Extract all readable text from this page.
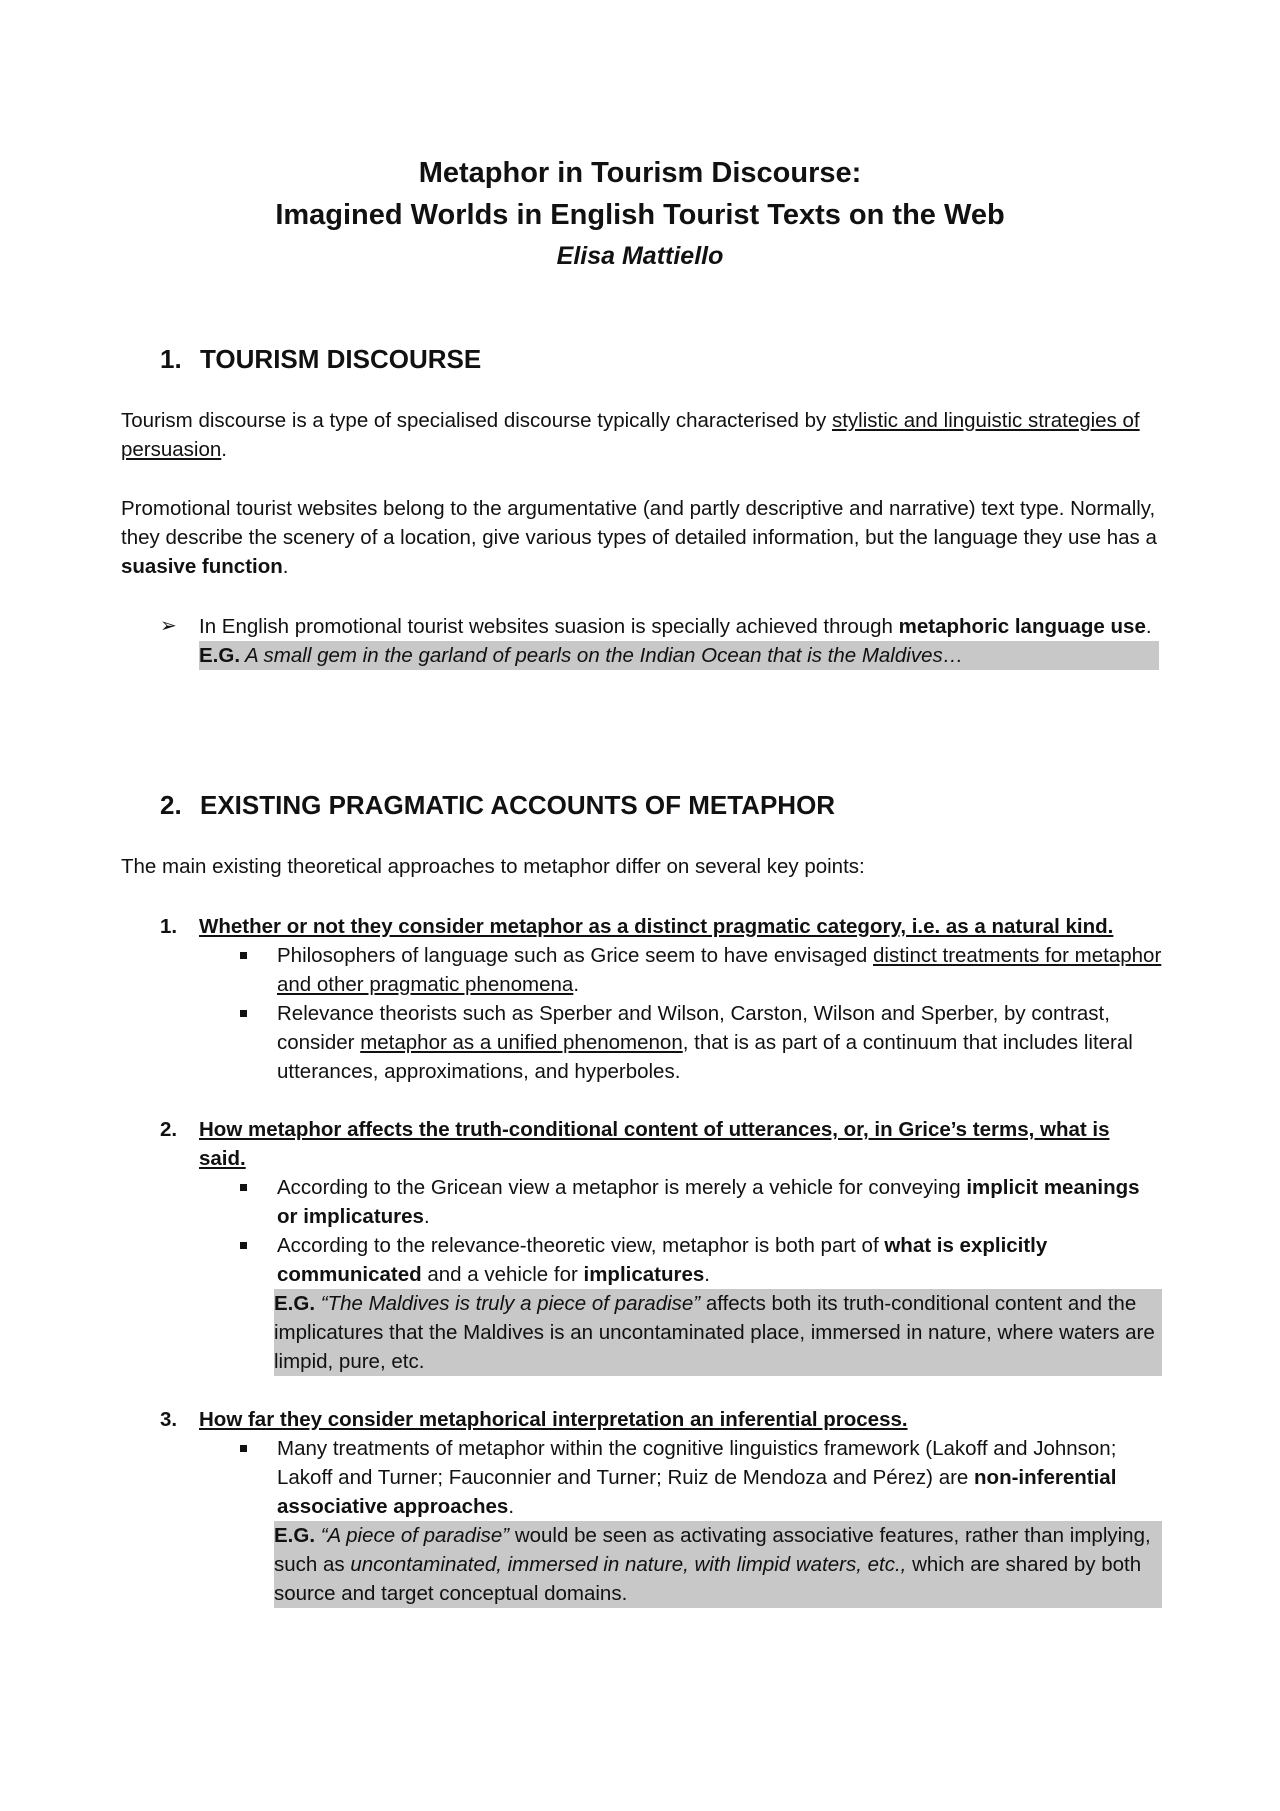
Metaphor in Tourism Discourse:
Imagined Worlds in English Tourist Texts on the Web
Elisa Mattiello
1. TOURISM DISCOURSE
Tourism discourse is a type of specialised discourse typically characterised by stylistic and linguistic strategies of persuasion.
Promotional tourist websites belong to the argumentative (and partly descriptive and narrative) text type. Normally, they describe the scenery of a location, give various types of detailed information, but the language they use has a suasive function.
➢ In English promotional tourist websites suasion is specially achieved through metaphoric language use.
E.G. A small gem in the garland of pearls on the Indian Ocean that is the Maldives…
2. EXISTING PRAGMATIC ACCOUNTS OF METAPHOR
The main existing theoretical approaches to metaphor differ on several key points:
1. Whether or not they consider metaphor as a distinct pragmatic category, i.e. as a natural kind.
Philosophers of language such as Grice seem to have envisaged distinct treatments for metaphor and other pragmatic phenomena.
Relevance theorists such as Sperber and Wilson, Carston, Wilson and Sperber, by contrast, consider metaphor as a unified phenomenon, that is as part of a continuum that includes literal utterances, approximations, and hyperboles.
2. How metaphor affects the truth-conditional content of utterances, or, in Grice’s terms, what is said.
According to the Gricean view a metaphor is merely a vehicle for conveying implicit meanings or implicatures.
According to the relevance-theoretic view, metaphor is both part of what is explicitly communicated and a vehicle for implicatures.
E.G. “The Maldives is truly a piece of paradise” affects both its truth-conditional content and the implicatures that the Maldives is an uncontaminated place, immersed in nature, where waters are limpid, pure, etc.
3. How far they consider metaphorical interpretation an inferential process.
Many treatments of metaphor within the cognitive linguistics framework (Lakoff and Johnson; Lakoff and Turner; Fauconnier and Turner; Ruiz de Mendoza and Pérez) are non-inferential associative approaches.
E.G. “A piece of paradise” would be seen as activating associative features, rather than implying, such as uncontaminated, immersed in nature, with limpid waters, etc., which are shared by both source and target conceptual domains.
